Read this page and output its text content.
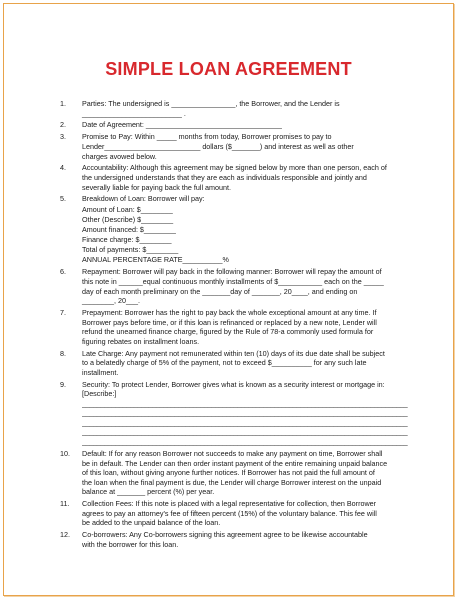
SIMPLE LOAN AGREEMENT
1.	Parties: The undersigned is ________________, the Borrower, and the Lender is
_________________________ .
2.	Date of Agreement: __________________________________
3.	Promise to Pay: Within _____ months from today, Borrower promises to pay to
Lender________________________ dollars ($_______) and interest as well as other
charges avowed below.
4.	Accountability: Although this agreement may be signed below by more than one person, each of
the undersigned understands that they are each as individuals responsible and jointly and
severally liable for paying back the full amount.
5.	Breakdown of Loan: Borrower will pay:
Amount of Loan: $________
Other (Describe) $________
Amount financed: $________
Finance charge: $________
Total of payments: $________
ANNUAL PERCENTAGE RATE__________%
6.	Repayment: Borrower will pay back in the following manner: Borrower will repay the amount of
this note in ______equal continuous monthly installments of $___________ each on the _____
day of each month preliminary on the _______day of _______, 20____, and ending on
________, 20___.
7.	Prepayment: Borrower has the right to pay back the whole exceptional amount at any time. If
Borrower pays before time, or if this loan is refinanced or replaced by a new note, Lender will
refund the unearned finance charge, figured by the Rule of 78-a commonly used formula for
figuring rebates on installment loans.
8.	Late Charge: Any payment not remunerated within ten (10) days of its due date shall be subject
to a belatedly charge of 5% of the payment, not to exceed $__________ for any such late
installment.
9.	Security: To protect Lender, Borrower gives what is known as a security interest or mortgage in:
[Describe:]
________________________________________________________________________________________
________________________________________________________________________________________
________________________________________________________________________________________
________________________________________________________________________________________
________________________________________________________________________________________
10.	Default: If for any reason Borrower not succeeds to make any payment on time, Borrower shall
be in default. The Lender can then order instant payment of the entire remaining unpaid balance
of this loan, without giving anyone further notices. If Borrower has not paid the full amount of
the loan when the final payment is due, the Lender will charge Borrower interest on the unpaid
balance at _______ percent (%) per year.
11.	Collection Fees: If this note is placed with a legal representative for collection, then Borrower
agrees to pay an attorney's fee of fifteen percent (15%) of the voluntary balance. This fee will
be added to the unpaid balance of the loan.
12.	Co-borrowers: Any Co-borrowers signing this agreement agree to be likewise accountable
with the borrower for this loan.
